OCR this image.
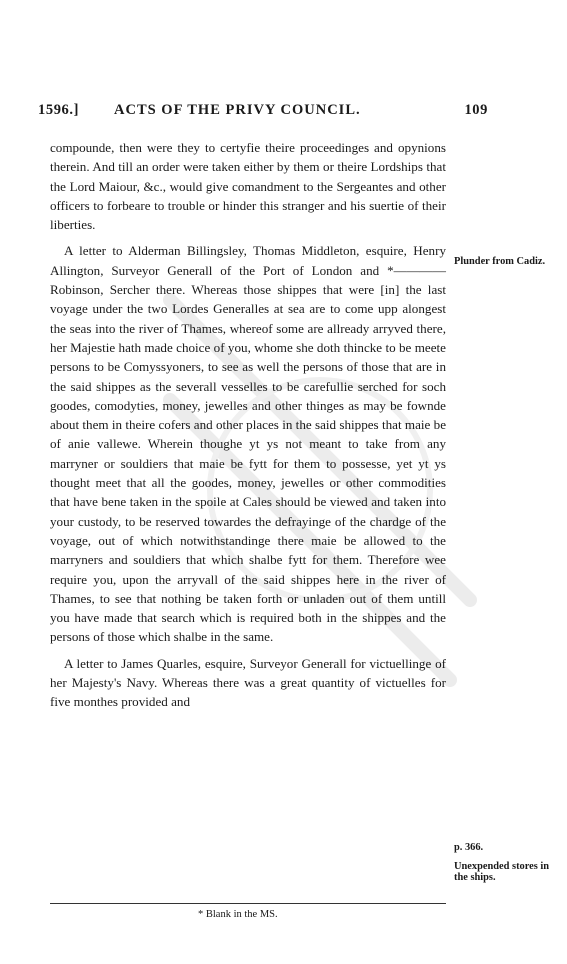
1596.] ACTS OF THE PRIVY COUNCIL.	109

compounde, then were they to certyfie theire proceedinges and opynions therein. And till an order were taken either by them or theire Lordships that the Lord Maiour, &c., would give comandment to the Sergeantes and other officers to forbeare to trouble or hinder this stranger and his suertie of their liberties.

A letter to Alderman Billingsley, Thomas Middleton, esquire, Henry Allington, Surveyor Generall of the Port of London and *———— Robinson, Sercher there. Whereas those shippes that were [in] the last voyage under the two Lordes Generalles at sea are to come upp alongest the seas into the river of Thames, whereof some are allready arryved there, her Majestie hath made choice of you, whome she doth thincke to be meete persons to be Comyssyoners, to see as well the persons of those that are in the said shippes as the severall vesselles to be carefullie serched for soch goodes, comodyties, money, jewelles and other thinges as may be fownde about them in theire cofers and other places in the said shippes that maie be of anie vallewe. Wherein thoughe yt ys not meant to take from any marryner or souldiers that maie be fytt for them to possesse, yet yt ys thought meet that all the goodes, money, jewelles or other commodities that have bene taken in the spoile at Cales should be viewed and taken into your custody, to be reserved towardes the defrayinge of the chardge of the voyage, out of which notwithstandinge there maie be allowed to the marryners and souldiers that which shalbe fytt for them. Therefore wee require you, upon the arryvall of the said shippes here in the river of Thames, to see that nothing be taken forth or unladen out of them untill you have made that search which is required both in the shippes and the persons of those which shalbe in the same.

A letter to James Quarles, esquire, Surveyor Generall for victuellinge of her Majesty's Navy. Whereas there was a great quantity of victuelles for five monthes provided and

Plunder from Cadiz.
p. 366.
Unexpended stores in the ships.
* Blank in the MS.
